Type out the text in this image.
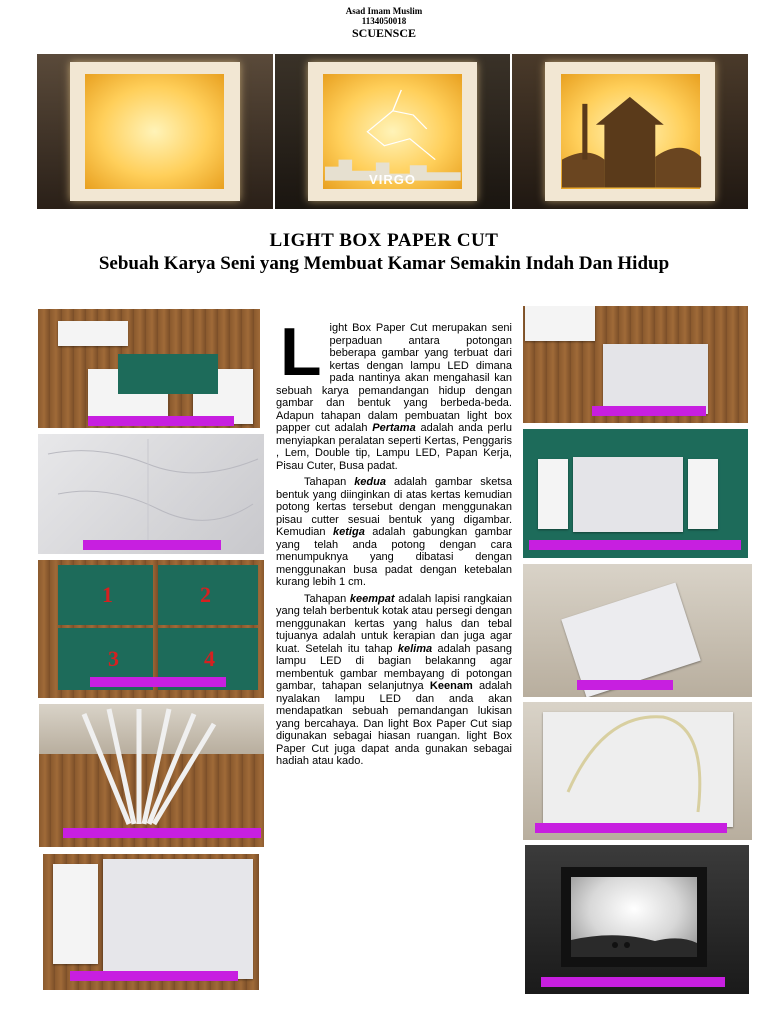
Asad Imam Muslim
1134050018
SCUENSCE
VIRGO
LIGHT BOX PAPER CUT
Sebuah Karya Seni yang Membuat Kamar Semakin Indah Dan Hidup
1	2
3	4
L ight Box Paper Cut merupakan seni perpaduan antara potongan beberapa gambar yang terbuat dari kertas dengan lampu LED dimana pada nantinya akan mengahasil kan sebuah karya pemandangan hidup dengan gambar dan bentuk yang berbeda-beda. Adapun tahapan dalam pembuatan light box papper cut adalah Pertama adalah anda perlu menyiapkan peralatan seperti Kertas, Penggaris , Lem, Double tip, Lampu LED, Papan Kerja, Pisau Cuter, Busa padat.

Tahapan kedua adalah gambar sketsa bentuk yang diinginkan di atas kertas kemudian potong kertas tersebut dengan menggunakan pisau cutter sesuai bentuk yang digambar. Kemudian ketiga adalah gabungkan gambar yang telah anda potong dengan cara menumpuknya yang dibatasi dengan menggunakan busa padat dengan ketebalan kurang lebih 1 cm.

Tahapan keempat adalah lapisi rangkaian yang telah berbentuk kotak atau persegi dengan menggunakan kertas yang halus dan tebal tujuanya adalah untuk kerapian dan juga agar kuat. Setelah itu tahap kelima adalah pasang lampu LED di bagian belakanng agar membentuk gambar membayang di potongan gambar, tahapan selanjutnya Keenam adalah nyalakan lampu LED dan anda akan mendapatkan sebuah pemandangan lukisan yang bercahaya. Dan light Box Paper Cut siap digunakan sebagai hiasan ruangan. light Box Paper Cut juga dapat anda gunakan sebagai hadiah atau kado.
